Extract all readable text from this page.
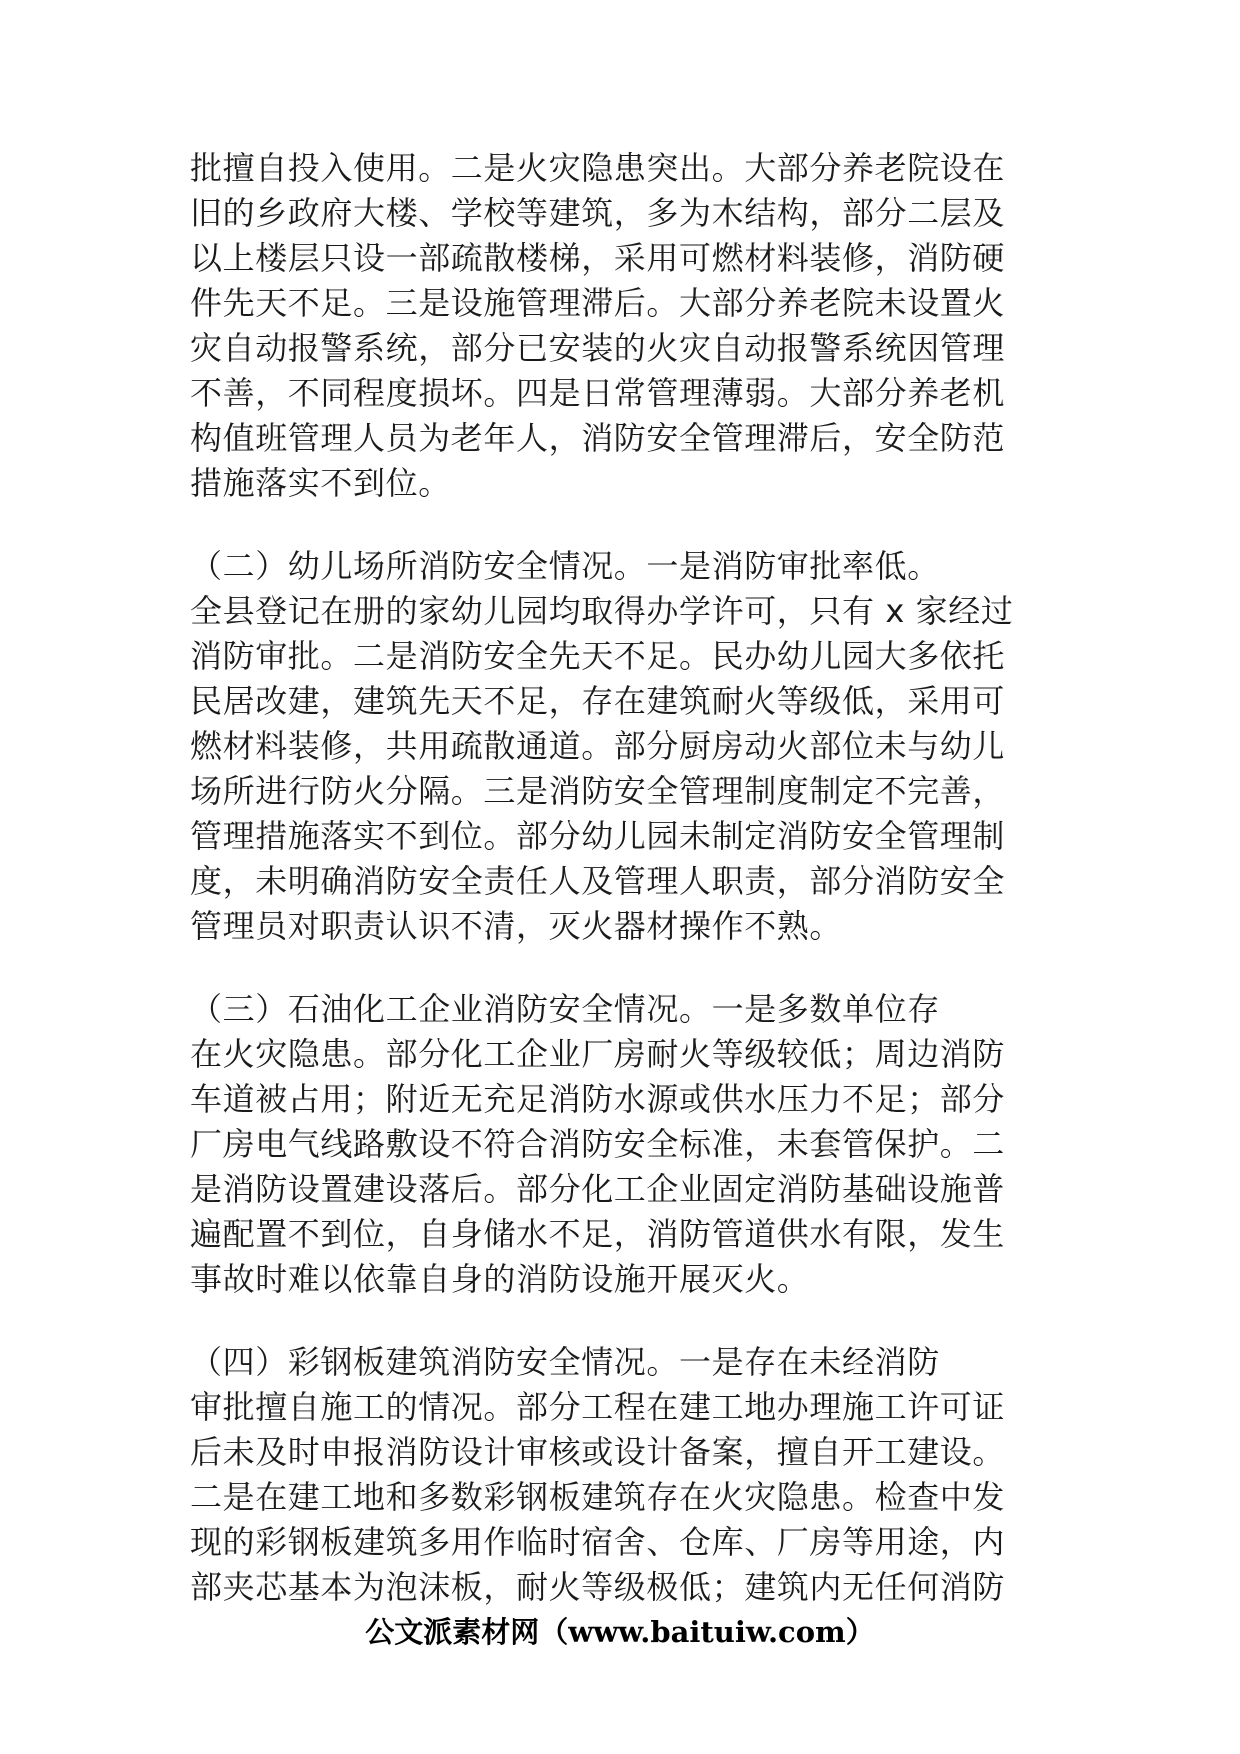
批擅自投入使用。二是火灾隐患突出。大部分养老院设在
旧的乡政府大楼、学校等建筑，多为木结构，部分二层及
以上楼层只设一部疏散楼梯，采用可燃材料装修，消防硬
件先天不足。三是设施管理滞后。大部分养老院未设置火
灾自动报警系统，部分已安装的火灾自动报警系统因管理
不善，不同程度损坏。四是日常管理薄弱。大部分养老机
构值班管理人员为老年人，消防安全管理滞后，安全防范
措施落实不到位。
（二）幼儿场所消防安全情况。一是消防审批率低。
全县登记在册的家幼儿园均取得办学许可，只有 x 家经过
消防审批。二是消防安全先天不足。民办幼儿园大多依托
民居改建，建筑先天不足，存在建筑耐火等级低，采用可
燃材料装修，共用疏散通道。部分厨房动火部位未与幼儿
场所进行防火分隔。三是消防安全管理制度制定不完善，
管理措施落实不到位。部分幼儿园未制定消防安全管理制
度，未明确消防安全责任人及管理人职责，部分消防安全
管理员对职责认识不清，灭火器材操作不熟。
（三）石油化工企业消防安全情况。一是多数单位存
在火灾隐患。部分化工企业厂房耐火等级较低；周边消防
车道被占用；附近无充足消防水源或供水压力不足；部分
厂房电气线路敷设不符合消防安全标准，未套管保护。二
是消防设置建设落后。部分化工企业固定消防基础设施普
遍配置不到位，自身储水不足，消防管道供水有限，发生
事故时难以依靠自身的消防设施开展灭火。
（四）彩钢板建筑消防安全情况。一是存在未经消防
审批擅自施工的情况。部分工程在建工地办理施工许可证
后未及时申报消防设计审核或设计备案，擅自开工建设。
二是在建工地和多数彩钢板建筑存在火灾隐患。检查中发
现的彩钢板建筑多用作临时宿舍、仓库、厂房等用途，内
部夹芯基本为泡沫板，耐火等级极低；建筑内无任何消防
公文派素材网（www.baituiw.com）
